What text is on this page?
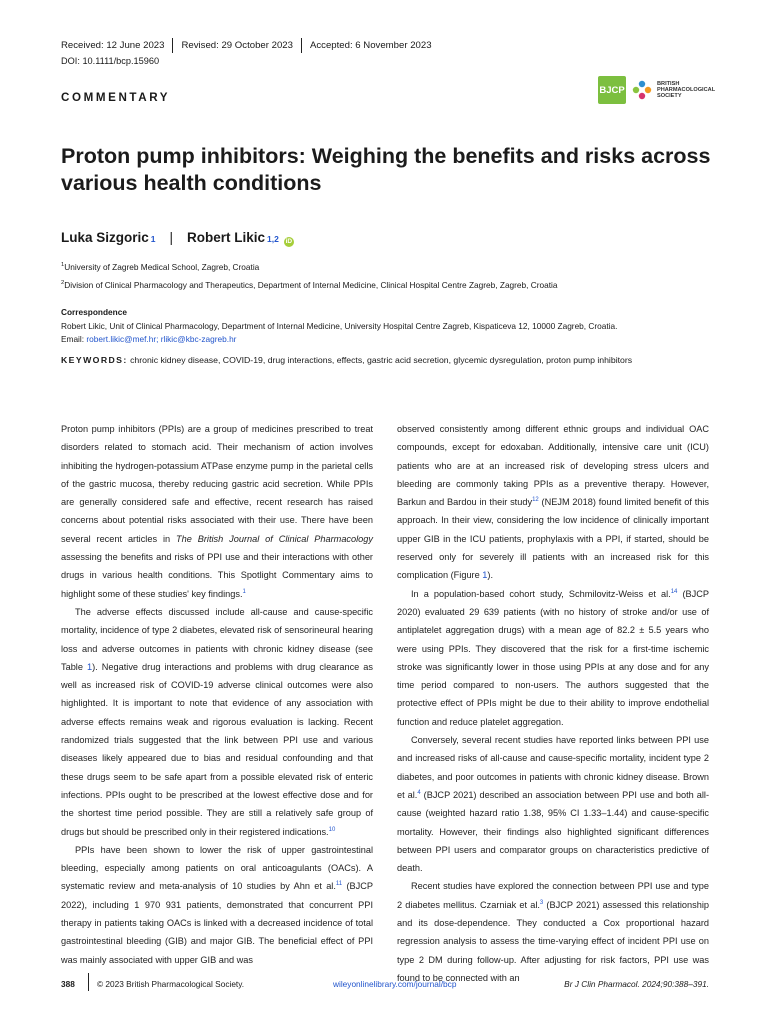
Received: 12 June 2023 Revised: 29 October 2023 Accepted: 6 November 2023
DOI: 10.1111/bcp.15960
COMMENTARY
BJCP
BRITISH
PHARMACOLOGICAL
SOCIETY
Proton pump inhibitors: Weighing the benefits and risks across various health conditions
Luka Sizgoric 1 | Robert Likic 1,2 iD
$^1$University of Zagreb Medical School, Zagreb, Croatia
$^2$Division of Clinical Pharmacology and Therapeutics, Department of Internal Medicine, Clinical Hospital Centre Zagreb, Zagreb, Croatia
Correspondence
Robert Likic, Unit of Clinical Pharmacology, Department of Internal Medicine, University Hospital Centre Zagreb, Kispaticeva 12, 10000 Zagreb, Croatia.
Email: robert.likic@mef.hr; rlikic@kbc-zagreb.hr
KEYWORDS: chronic kidney disease, COVID-19, drug interactions, effects, gastric acid secretion, glycemic dysregulation, proton pump inhibitors

Proton pump inhibitors (PPIs) are a group of medicines prescribed to treat disorders related to stomach acid. Their mechanism of action involves inhibiting the hydrogen-potassium ATPase enzyme pump in the parietal cells of the gastric mucosa, thereby reducing gastric acid secretion. While PPIs are generally considered safe and effective, recent research has raised concerns about potential risks associated with their use. There have been several recent articles in The British Journal of Clinical Pharmacology assessing the benefits and risks of PPI use and their interactions with other drugs in various health conditions. This Spotlight Commentary aims to highlight some of these studies' key findings.$^1$

The adverse effects discussed include all-cause and cause-specific mortality, incidence of type 2 diabetes, elevated risk of sensorineural hearing loss and adverse outcomes in patients with chronic kidney disease (see Table 1). Negative drug interactions and problems with drug clearance as well as increased risk of COVID-19 adverse clinical outcomes were also highlighted. It is important to note that evidence of any association with adverse effects remains weak and rigorous evaluation is lacking. Recent randomized trials suggested that the link between PPI use and various diseases likely appeared due to bias and residual confounding and that these drugs seem to be safe apart from a possible elevated risk of enteric infections. PPIs ought to be prescribed at the lowest effective dose and for the shortest time period possible. They are still a relatively safe group of drugs but should be prescribed only in their registered indications.$^{10}$

PPIs have been shown to lower the risk of upper gastrointestinal bleeding, especially among patients on oral anticoagulants (OACs). A systematic review and meta-analysis of 10 studies by Ahn et al.$^{11}$ (BJCP 2022), including 1 970 931 patients, demonstrated that concurrent PPI therapy in patients taking OACs is linked with a decreased incidence of total gastrointestinal bleeding (GIB) and major GIB. The beneficial effect of PPI was mainly associated with upper GIB and was

observed consistently among different ethnic groups and individual OAC compounds, except for edoxaban. Additionally, intensive care unit (ICU) patients who are at an increased risk of developing stress ulcers and bleeding are commonly taking PPIs as a preventive therapy. However, Barkun and Bardou in their study$^{12}$ (NEJM 2018) found limited benefit of this approach. In their view, considering the low incidence of clinically important upper GIB in the ICU patients, prophylaxis with a PPI, if started, should be reserved only for severely ill patients with an increased risk for this complication (Figure 1).

In a population-based cohort study, Schmilovitz-Weiss et al.$^{14}$ (BJCP 2020) evaluated 29 639 patients (with no history of stroke and/or use of antiplatelet aggregation drugs) with a mean age of 82.2 ± 5.5 years who were using PPIs. They discovered that the risk for a first-time ischemic stroke was significantly lower in those using PPIs at any dose and for any time period compared to non-users. The authors suggested that the protective effect of PPIs might be due to their ability to improve endothelial function and reduce platelet aggregation.

Conversely, several recent studies have reported links between PPI use and increased risks of all-cause and cause-specific mortality, incident type 2 diabetes, and poor outcomes in patients with chronic kidney disease. Brown et al.$^4$ (BJCP 2021) described an association between PPI use and both all-cause (weighted hazard ratio 1.38, 95% CI 1.33–1.44) and cause-specific mortality. However, their findings also highlighted significant differences between PPI users and comparator groups on characteristics predictive of death.

Recent studies have explored the connection between PPI use and type 2 diabetes mellitus. Czarniak et al.$^3$ (BJCP 2021) assessed this relationship and its dose-dependence. They conducted a Cox proportional hazard regression analysis to assess the time-varying effect of incident PPI use on type 2 DM during follow-up. After adjusting for risk factors, PPI use was found to be connected with an

388	© 2023 British Pharmacological Society.	wileyonlinelibrary.com/journal/bcp	Br J Clin Pharmacol. 2024;90:388–391.
